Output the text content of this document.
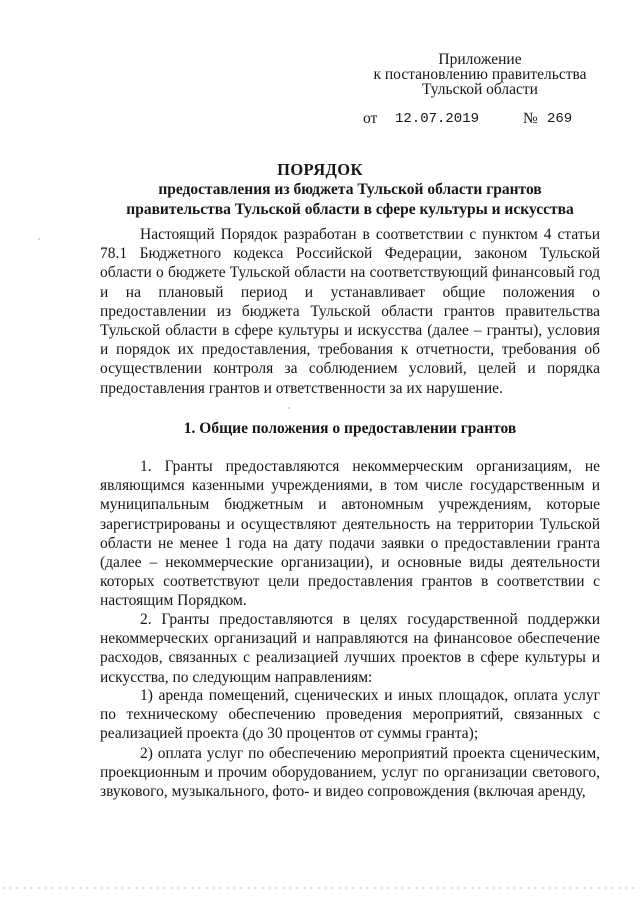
Приложение
к постановлению правительства
Тульской области
от 12.07.2019	№ 269
ПОРЯДОК
предоставления из бюджета Тульской области грантов правительства Тульской области в сфере культуры и искусства

Настоящий Порядок разработан в соответствии с пунктом 4 статьи 78.1 Бюджетного кодекса Российской Федерации, законом Тульской области о бюджете Тульской области на соответствующий финансовый год и на плановый период и устанавливает общие положения о предоставлении из бюджета Тульской области грантов правительства Тульской области в сфере культуры и искусства (далее – гранты), условия и порядок их предоставления, требования к отчетности, требования об осуществлении контроля за соблюдением условий, целей и порядка предоставления грантов и ответственности за их нарушение.

1. Общие положения о предоставлении грантов

1. Гранты предоставляются некоммерческим организациям, не являющимся казенными учреждениями, в том числе государственным и муниципальным бюджетным и автономным учреждениям, которые зарегистрированы и осуществляют деятельность на территории Тульской области не менее 1 года на дату подачи заявки о предоставлении гранта (далее – некоммерческие организации), и основные виды деятельности которых соответствуют цели предоставления грантов в соответствии с настоящим Порядком.

2. Гранты предоставляются в целях государственной поддержки некоммерческих организаций и направляются на финансовое обеспечение расходов, связанных с реализацией лучших проектов в сфере культуры и искусства, по следующим направлениям:

1) аренда помещений, сценических и иных площадок, оплата услуг по техническому обеспечению проведения мероприятий, связанных с реализацией проекта (до 30 процентов от суммы гранта);

2) оплата услуг по обеспечению мероприятий проекта сценическим, проекционным и прочим оборудованием, услуг по организации светового, звукового, музыкального, фото- и видео сопровождения (включая аренду,
